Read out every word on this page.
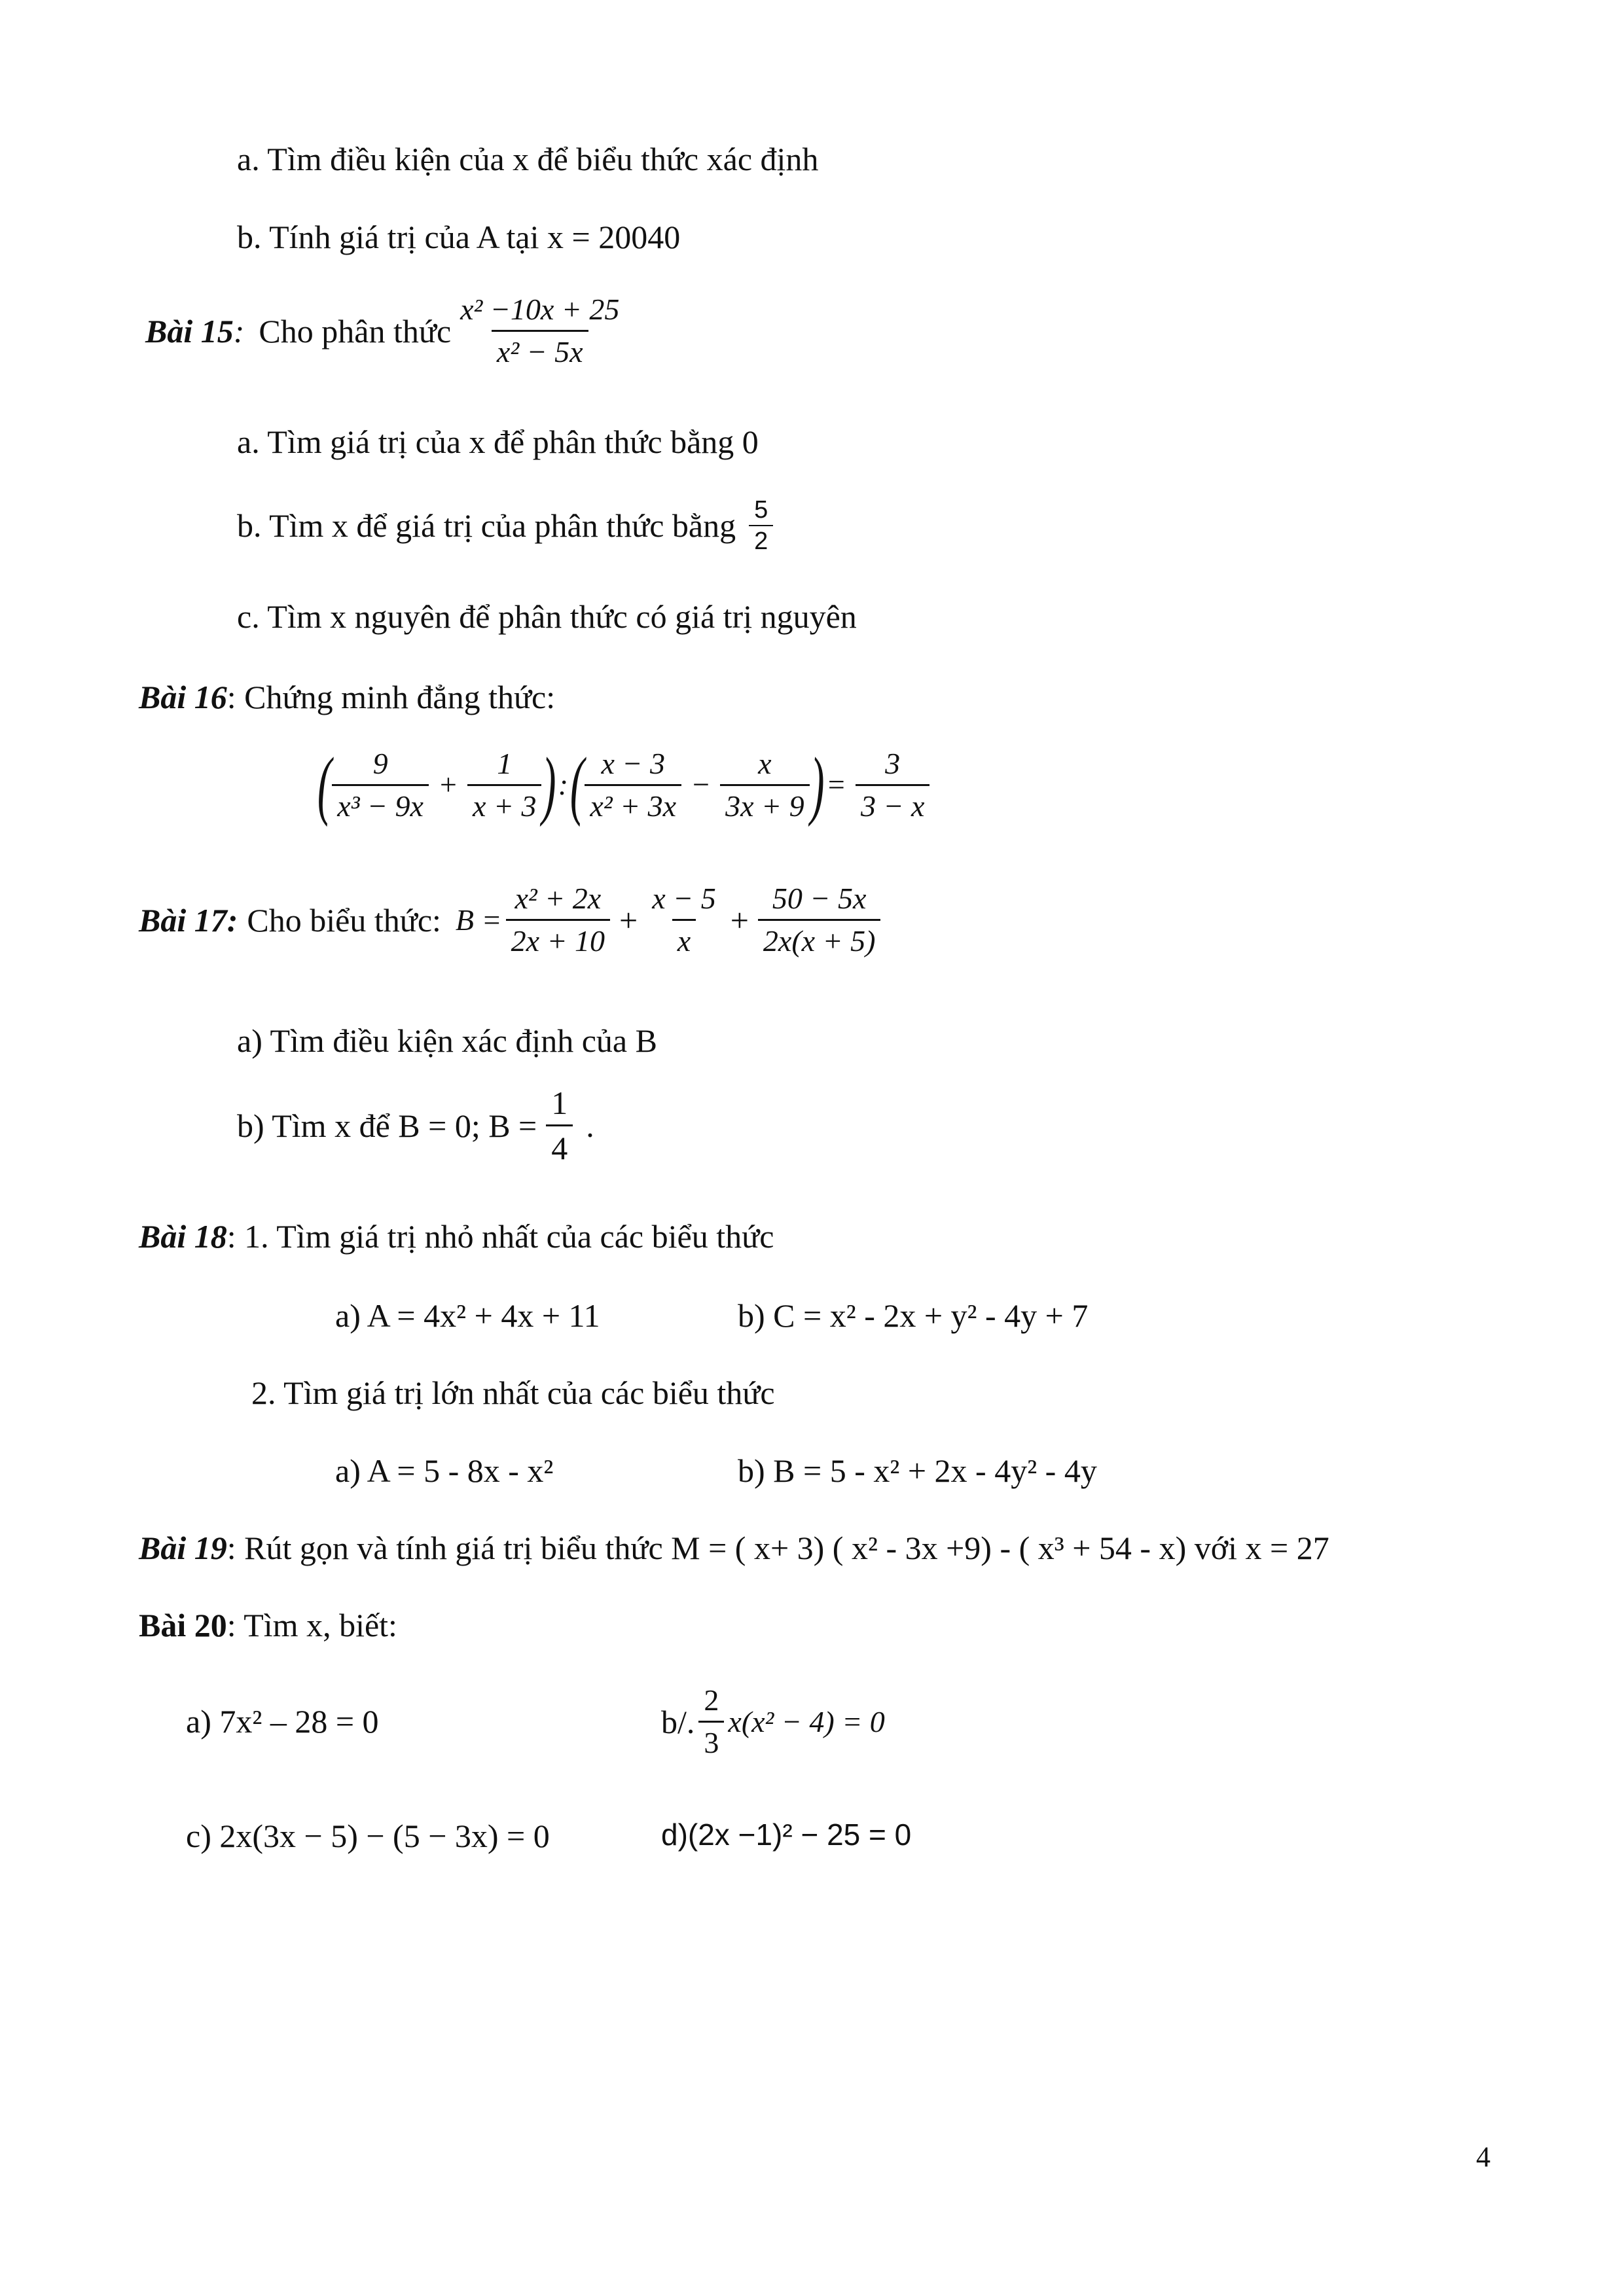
a. Tìm điều kiện của x để biểu thức xác định
b. Tính giá trị của A tại x = 20040
Bài 15 : Cho phân thức $\frac{\text{x² −10x + 25}}{\text{x² − 5x}}$
a. Tìm giá trị của x để phân thức bằng 0
b. Tìm x để giá trị của phân thức bằng $\frac{5}{2}$
c. Tìm x nguyên để phân thức có giá trị nguyên
Bài 16: Chứng minh đẳng thức:
( $\frac{9}{\text{x³ − 9x}} + \frac{1}{x + 3}$ ) : ( $\frac{x - 3}{\text{x² + 3x}} - \frac{x}{3x + 9}$ ) = $\frac{3}{3 - x}$
Bài 17: Cho biểu thức: $B = \frac{\text{x² + 2x}}{2x + 10} + \frac{x - 5}{x} + \frac{50 - 5x}{2x(x + 5)}$
a) Tìm điều kiện xác định của B
b) Tìm x để B = 0; $B = \frac{1}{4}$ .
Bài 18: 1. Tìm giá trị nhỏ nhất của các biểu thức
a) A = 4x² + 4x + 11	b) C = x² - 2x + y² - 4y + 7
2. Tìm giá trị lớn nhất của các biểu thức
a) A = 5 - 8x - x²	b) B = 5 - x² + 2x - 4y² - 4y
Bài 19: Rút gọn và tính giá trị biểu thức M = ( x+ 3) ( x² - 3x +9) - ( x³ + 54 - x) với x = 27
Bài 20: Tìm x, biết:
a) 7x² – 28 = 0	b/. $\frac{2}{3} x(x^2 - 4) = 0$
c) 2x(3x − 5) − (5 − 3x) = 0	d)(2x −1)² − 25 = 0
4
